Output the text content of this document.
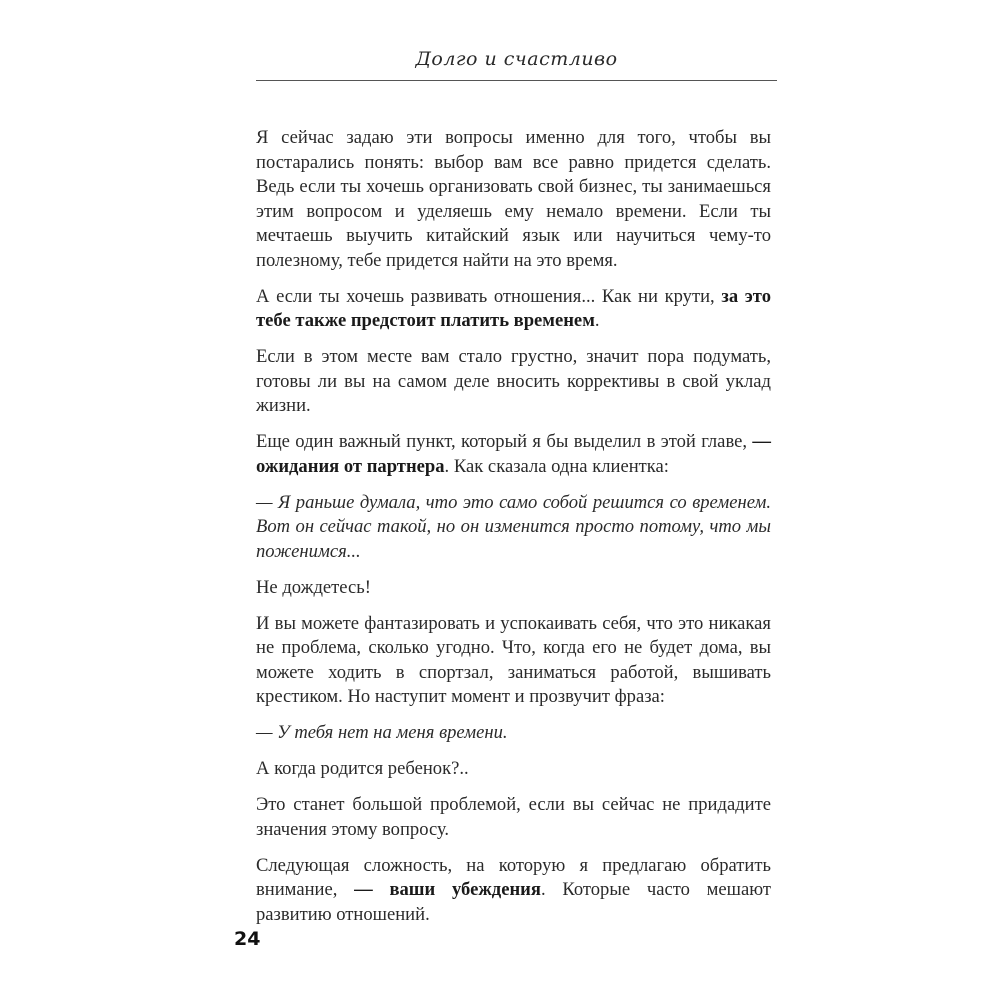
Долго и счастливо

Я сейчас задаю эти вопросы именно для того, чтобы вы постарались понять: выбор вам все равно придется сделать. Ведь если ты хочешь организовать свой бизнес, ты занимаешься этим вопросом и уделяешь ему немало времени. Если ты мечтаешь выучить китайский язык или научиться чему-то полезному, тебе придется найти на это время.

А если ты хочешь развивать отношения... Как ни крути, за это тебе также предстоит платить временем.

Если в этом месте вам стало грустно, значит пора подумать, готовы ли вы на самом деле вносить коррективы в свой уклад жизни.

Еще один важный пункт, который я бы выделил в этой главе, — ожидания от партнера. Как сказала одна клиентка:

— Я раньше думала, что это само собой решится со временем. Вот он сейчас такой, но он изменится просто потому, что мы поженимся...

Не дождетесь!

И вы можете фантазировать и успокаивать себя, что это никакая не проблема, сколько угодно. Что, когда его не будет дома, вы можете ходить в спортзал, заниматься работой, вышивать крестиком. Но наступит момент и прозвучит фраза:

— У тебя нет на меня времени.

А когда родится ребенок?..

Это станет большой проблемой, если вы сейчас не придадите значения этому вопросу.

Следующая сложность, на которую я предлагаю обратить внимание, — ваши убеждения. Которые часто мешают развитию отношений.

24
